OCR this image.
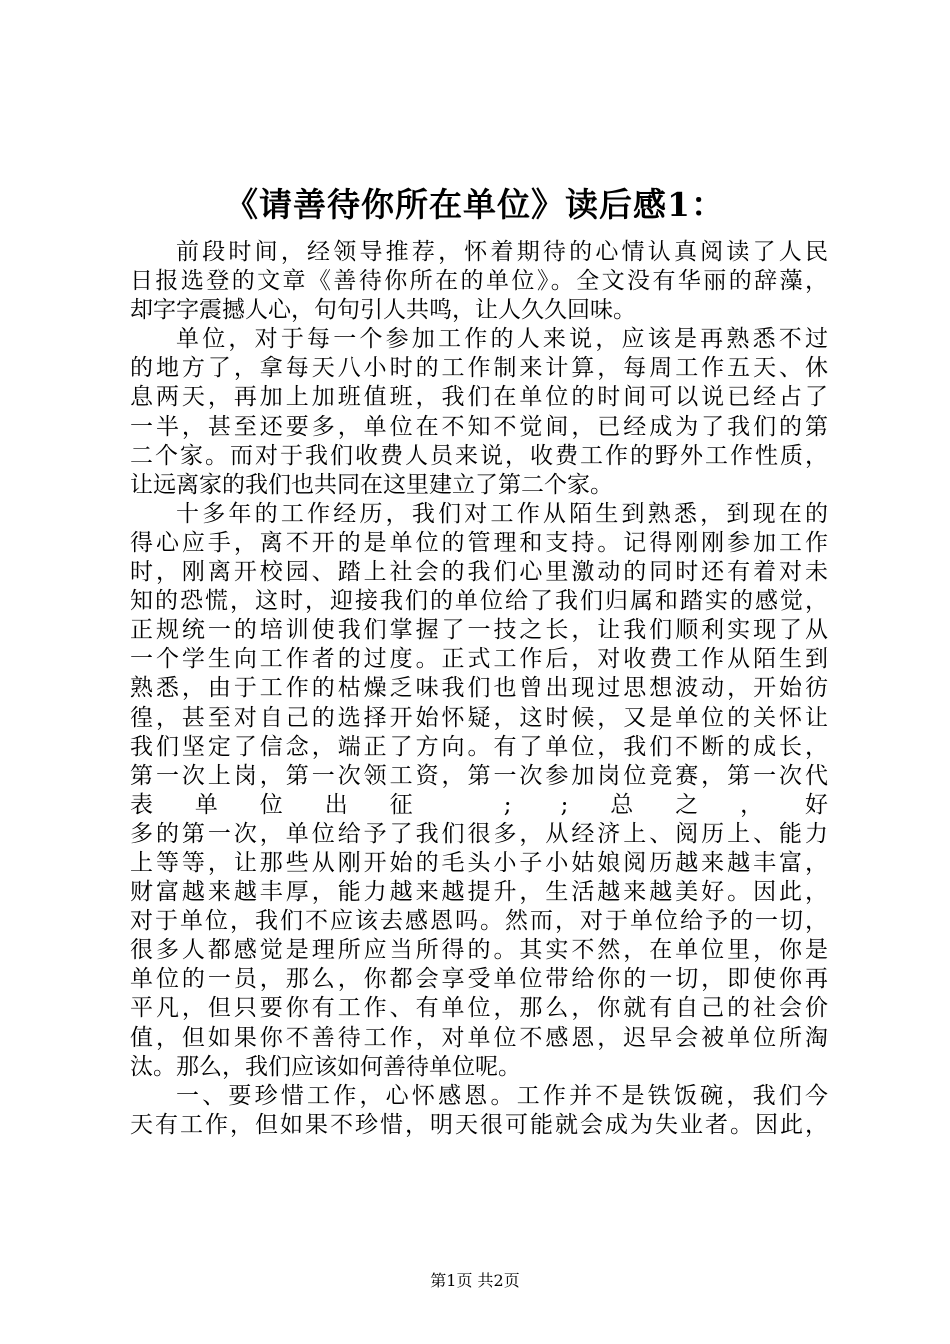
《请善待你所在单位》读后感1：
前段时间，经领导推荐，怀着期待的心情认真阅读了人民
日报选登的文章《善待你所在的单位》。全文没有华丽的辞藻，
却字字震撼人心，句句引人共鸣，让人久久回味。
单位，对于每一个参加工作的人来说，应该是再熟悉不过
的地方了，拿每天八小时的工作制来计算，每周工作五天、休
息两天，再加上加班值班，我们在单位的时间可以说已经占了
一半，甚至还要多，单位在不知不觉间，已经成为了我们的第
二个家。而对于我们收费人员来说，收费工作的野外工作性质，
让远离家的我们也共同在这里建立了第二个家。
十多年的工作经历，我们对工作从陌生到熟悉，到现在的
得心应手，离不开的是单位的管理和支持。记得刚刚参加工作
时，刚离开校园、踏上社会的我们心里激动的同时还有着对未
知的恐慌，这时，迎接我们的单位给了我们归属和踏实的感觉，
正规统一的培训使我们掌握了一技之长，让我们顺利实现了从
一个学生向工作者的过度。正式工作后，对收费工作从陌生到
熟悉，由于工作的枯燥乏味我们也曾出现过思想波动，开始彷
徨，甚至对自己的选择开始怀疑，这时候，又是单位的关怀让
我们坚定了信念，端正了方向。有了单位，我们不断的成长，
第一次上岗，第一次领工资，第一次参加岗位竞赛，第一次代
表单位出征 ; ;总之，好
多的第一次，单位给予了我们很多，从经济上、阅历上、能力
上等等，让那些从刚开始的毛头小子小姑娘阅历越来越丰富，
财富越来越丰厚，能力越来越提升，生活越来越美好。因此，
对于单位，我们不应该去感恩吗。然而，对于单位给予的一切，
很多人都感觉是理所应当所得的。其实不然，在单位里，你是
单位的一员，那么，你都会享受单位带给你的一切，即使你再
平凡，但只要你有工作、有单位，那么，你就有自己的社会价
值，但如果你不善待工作，对单位不感恩，迟早会被单位所淘
汰。那么，我们应该如何善待单位呢。
一、要珍惜工作，心怀感恩。工作并不是铁饭碗，我们今
天有工作，但如果不珍惜，明天很可能就会成为失业者。因此，
第1页 共2页
